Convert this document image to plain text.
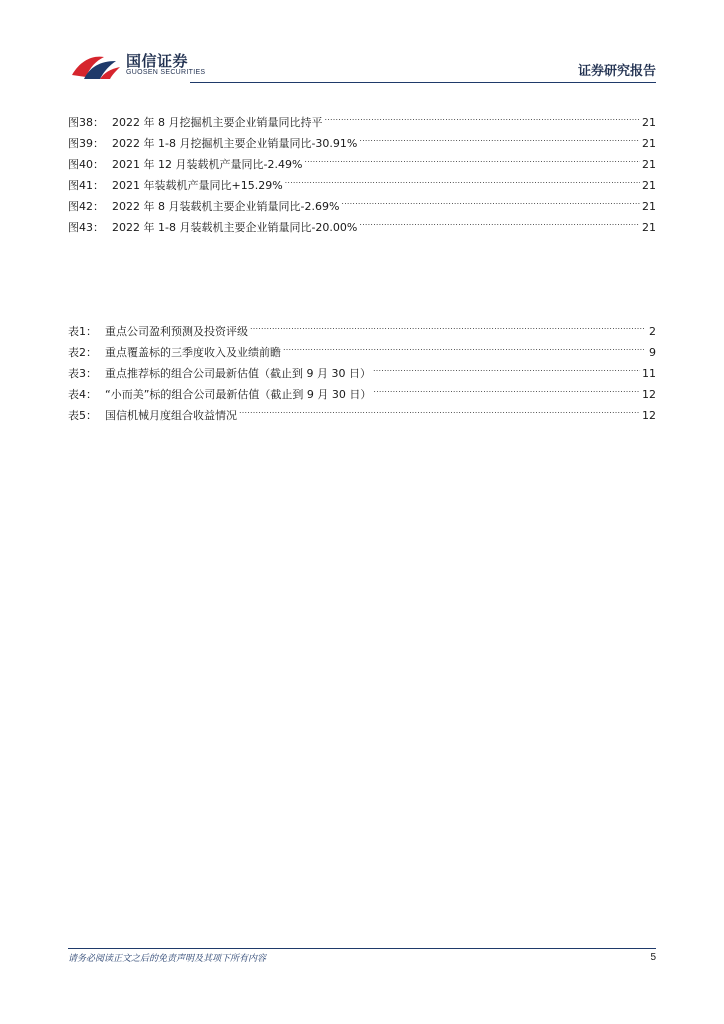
国信证券
GUOSEN SECURITIES	证券研究报告
图38： 2022 年 8 月挖掘机主要企业销量同比持平 .....	21
图39： 2022 年 1-8 月挖掘机主要企业销量同比-30.91% .....	21
图40： 2021 年 12 月装载机产量同比-2.49% .....	21
图41： 2021 年装载机产量同比+15.29% .....	21
图42： 2022 年 8 月装载机主要企业销量同比-2.69% .....	21
图43： 2022 年 1-8 月装载机主要企业销量同比-20.00% .....	21
表1： 重点公司盈利预测及投资评级 .....	2
表2： 重点覆盖标的三季度收入及业绩前瞻 .....	9
表3： 重点推荐标的组合公司最新估值（截止到 9 月 30 日） .....	11
表4： “小而美”标的组合公司最新估值（截止到 9 月 30 日） .....	12
表5： 国信机械月度组合收益情况 .....	12
请务必阅读正文之后的免责声明及其项下所有内容	5
